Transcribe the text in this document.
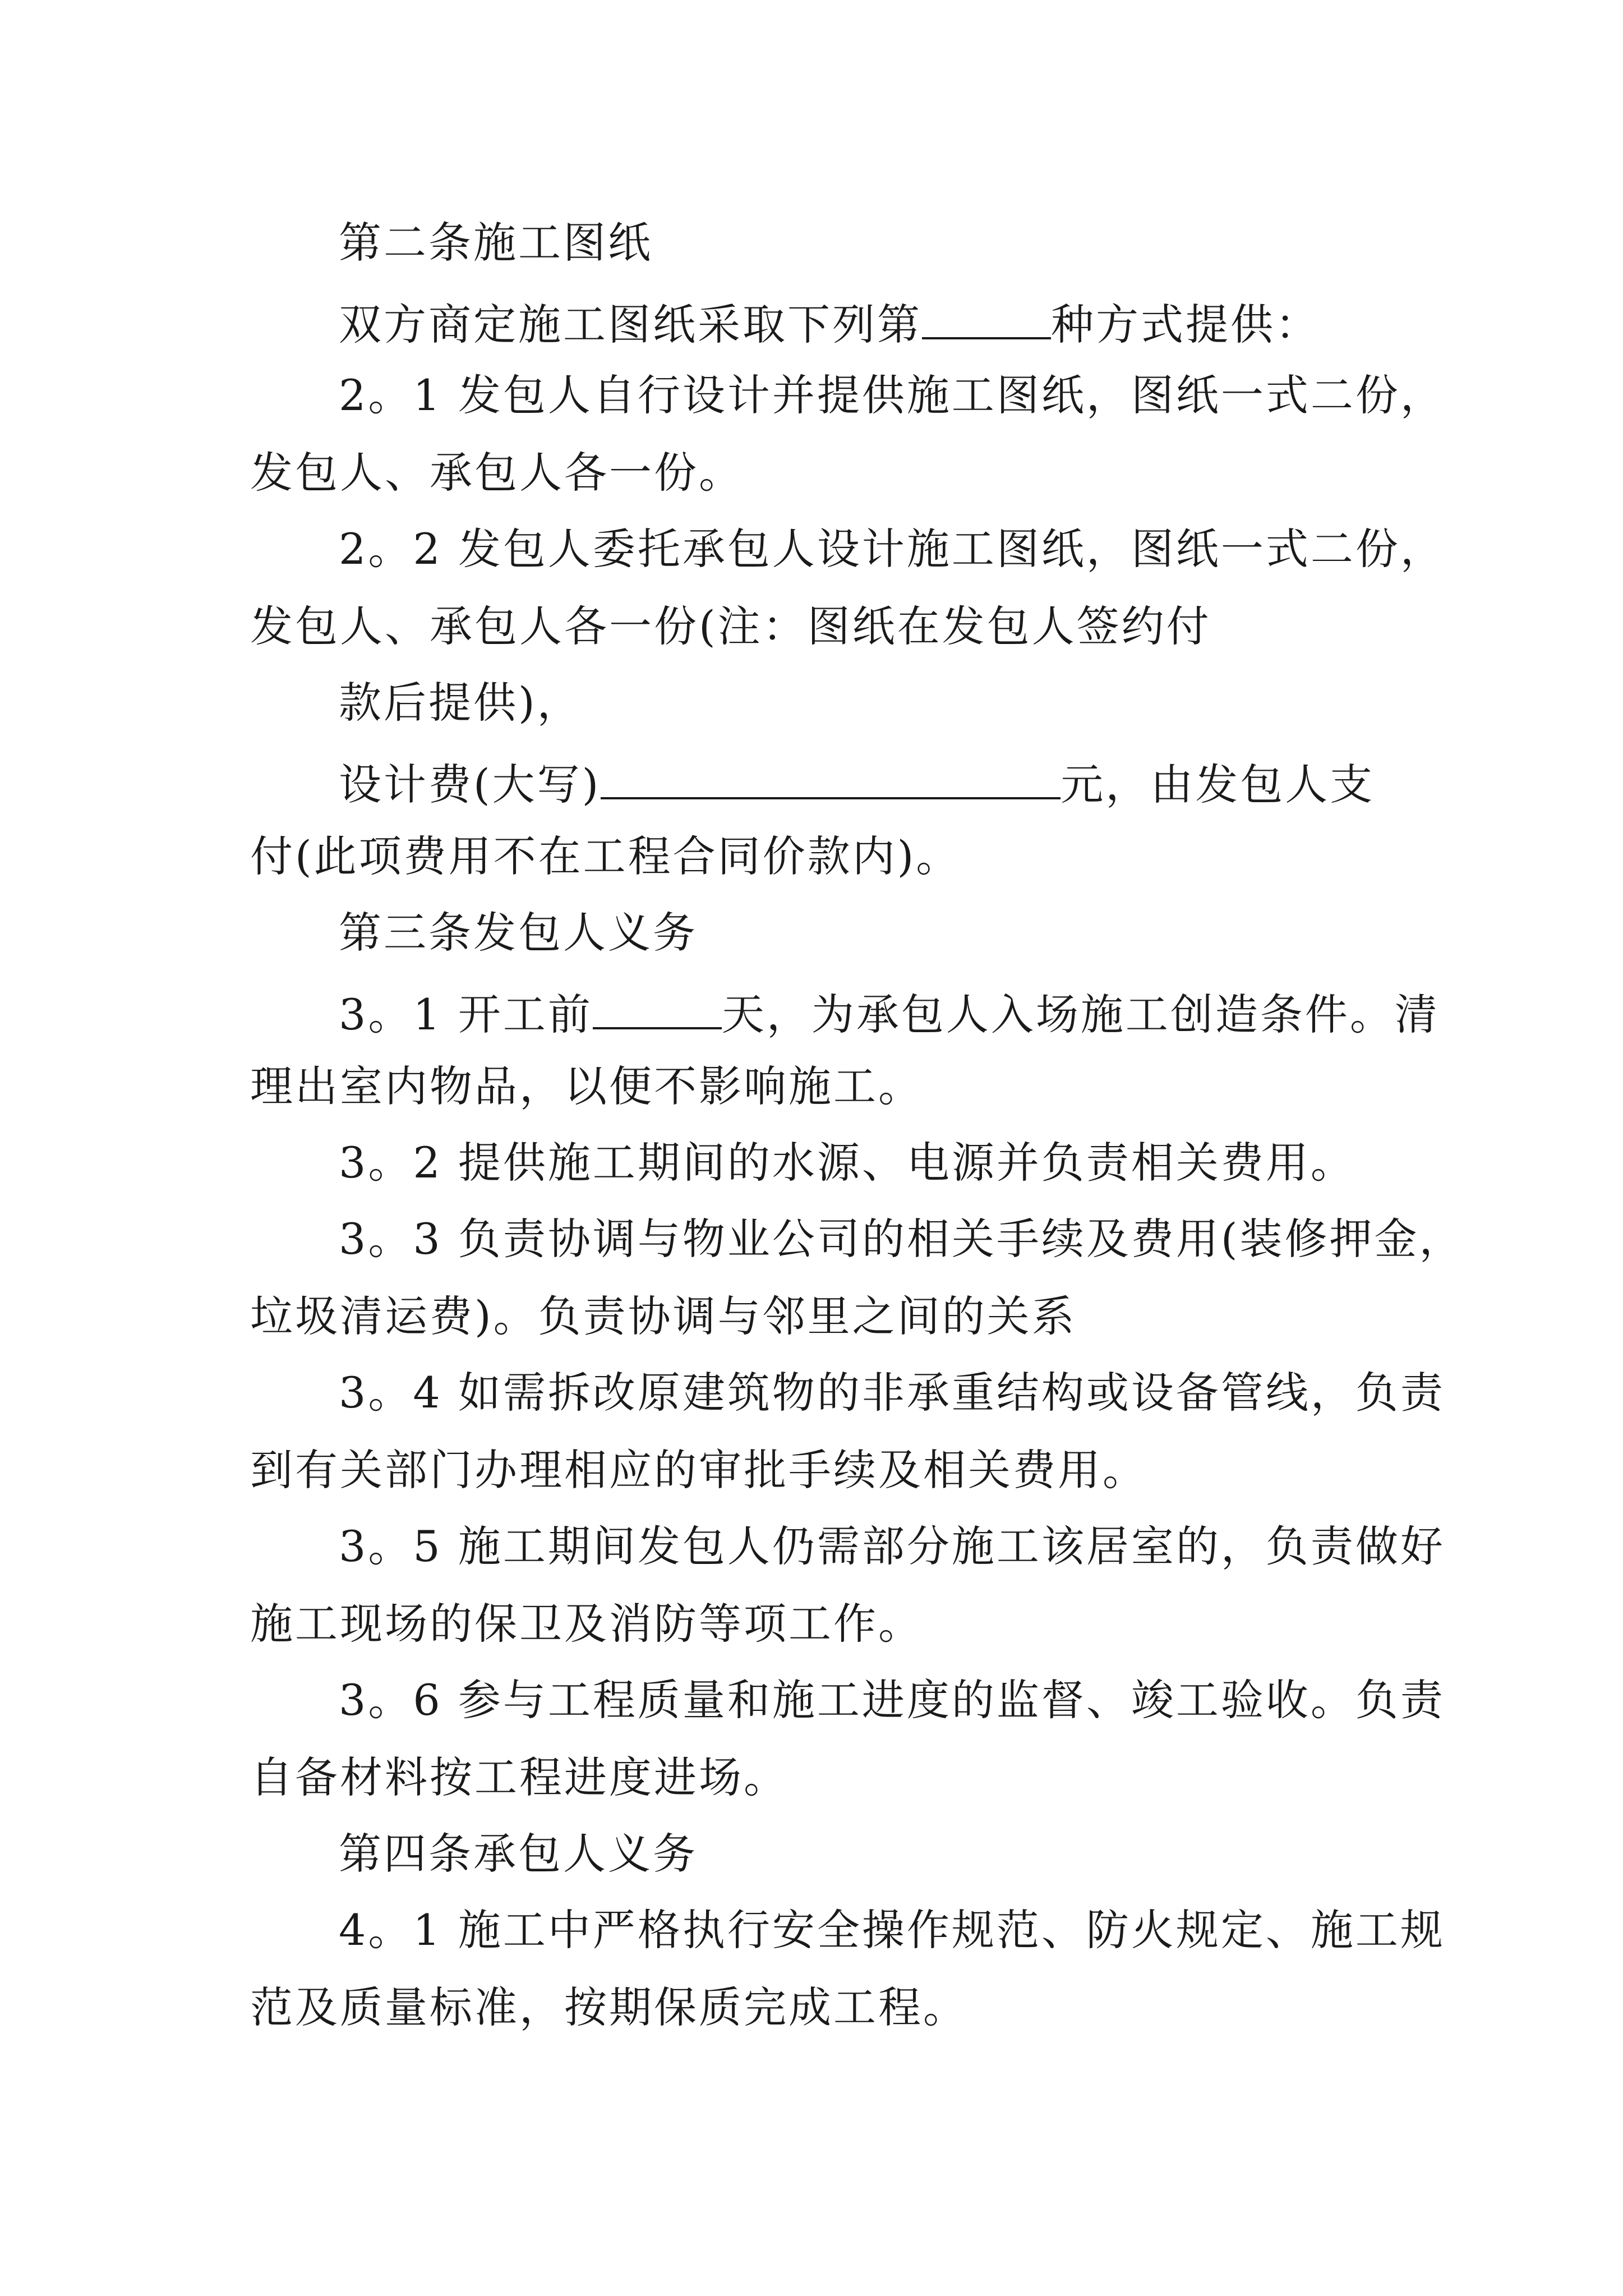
第二条施工图纸
双方商定施工图纸采取下列第	种方式提供：
2。1 发包人自行设计并提供施工图纸，图纸一式二份，
发包人、承包人各一份。
2。2 发包人委托承包人设计施工图纸，图纸一式二份，
发包人、承包人各一份(注：图纸在发包人签约付
款后提供)，
设计费(大写)	元，由发包人支
付(此项费用不在工程合同价款内)。
第三条发包人义务
3。1 开工前	天，为承包人入场施工创造条件。清
理出室内物品，以便不影响施工。
3。2 提供施工期间的水源、电源并负责相关费用。
3。3 负责协调与物业公司的相关手续及费用(装修押金，
垃圾清运费)。负责协调与邻里之间的关系
3。4 如需拆改原建筑物的非承重结构或设备管线，负责
到有关部门办理相应的审批手续及相关费用。
3。5 施工期间发包人仍需部分施工该居室的，负责做好
施工现场的保卫及消防等项工作。
3。6 参与工程质量和施工进度的监督、竣工验收。负责
自备材料按工程进度进场。
第四条承包人义务
4。1 施工中严格执行安全操作规范、防火规定、施工规
范及质量标准，按期保质完成工程。
